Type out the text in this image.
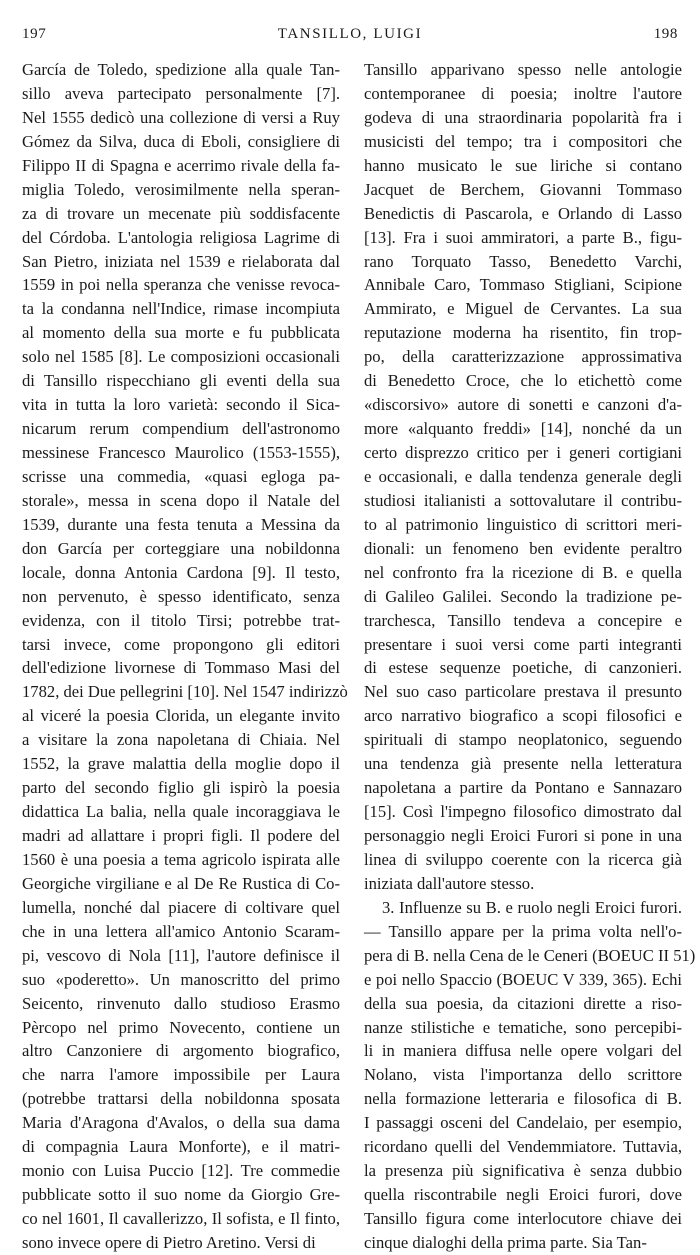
197	TANSILLO, LUIGI	198
García de Toledo, spedizione alla quale Tan-
sillo aveva partecipato personalmente [7].
Nel 1555 dedicò una collezione di versi a Ruy
Gómez da Silva, duca di Eboli, consigliere di
Filippo II di Spagna e acerrimo rivale della fa-
miglia Toledo, verosimilmente nella speran-
za di trovare un mecenate più soddisfacente
del Córdoba. L'antologia religiosa Lagrime di
San Pietro, iniziata nel 1539 e rielaborata dal
1559 in poi nella speranza che venisse revoca-
ta la condanna nell'Indice, rimase incompiuta
al momento della sua morte e fu pubblicata
solo nel 1585 [8]. Le composizioni occasionali
di Tansillo rispecchiano gli eventi della sua
vita in tutta la loro varietà: secondo il Sica-
nicarum rerum compendium dell'astronomo
messinese Francesco Maurolico (1553-1555),
scrisse una commedia, «quasi egloga pa-
storale», messa in scena dopo il Natale del
1539, durante una festa tenuta a Messina da
don García per corteggiare una nobildonna
locale, donna Antonia Cardona [9]. Il testo,
non pervenuto, è spesso identificato, senza
evidenza, con il titolo Tirsi; potrebbe trat-
tarsi invece, come propongono gli editori
dell'edizione livornese di Tommaso Masi del
1782, dei Due pellegrini [10]. Nel 1547 indirizzò
al viceré la poesia Clorida, un elegante invito
a visitare la zona napoletana di Chiaia. Nel
1552, la grave malattia della moglie dopo il
parto del secondo figlio gli ispirò la poesia
didattica La balia, nella quale incoraggiava le
madri ad allattare i propri figli. Il podere del
1560 è una poesia a tema agricolo ispirata alle
Georgiche virgiliane e al De Re Rustica di Co-
lumella, nonché dal piacere di coltivare quel
che in una lettera all'amico Antonio Scaram-
pi, vescovo di Nola [11], l'autore definisce il
suo «poderetto». Un manoscritto del primo
Seicento, rinvenuto dallo studioso Erasmo
Pèrcopo nel primo Novecento, contiene un
altro Canzoniere di argomento biografico,
che narra l'amore impossibile per Laura
(potrebbe trattarsi della nobildonna sposata
Maria d'Aragona d'Avalos, o della sua dama
di compagnia Laura Monforte), e il matri-
monio con Luisa Puccio [12]. Tre commedie
pubblicate sotto il suo nome da Giorgio Gre-
co nel 1601, Il cavallerizzo, Il sofista, e Il finto,
sono invece opere di Pietro Aretino. Versi di
Tansillo apparivano spesso nelle antologie
contemporanee di poesia; inoltre l'autore
godeva di una straordinaria popolarità fra i
musicisti del tempo; tra i compositori che
hanno musicato le sue liriche si contano
Jacquet de Berchem, Giovanni Tommaso
Benedictis di Pascarola, e Orlando di Lasso
[13]. Fra i suoi ammiratori, a parte B., figu-
rano Torquato Tasso, Benedetto Varchi,
Annibale Caro, Tommaso Stigliani, Scipione
Ammirato, e Miguel de Cervantes. La sua
reputazione moderna ha risentito, fin trop-
po, della caratterizzazione approssimativa
di Benedetto Croce, che lo etichettò come
«discorsivo» autore di sonetti e canzoni d'a-
more «alquanto freddi» [14], nonché da un
certo disprezzo critico per i generi cortigiani
e occasionali, e dalla tendenza generale degli
studiosi italianisti a sottovalutare il contribu-
to al patrimonio linguistico di scrittori meri-
dionali: un fenomeno ben evidente peraltro
nel confronto fra la ricezione di B. e quella
di Galileo Galilei. Secondo la tradizione pe-
trarchesca, Tansillo tendeva a concepire e
presentare i suoi versi come parti integranti
di estese sequenze poetiche, di canzonieri.
Nel suo caso particolare prestava il presunto
arco narrativo biografico a scopi filosofici e
spirituali di stampo neoplatonico, seguendo
una tendenza già presente nella letteratura
napoletana a partire da Pontano e Sannazaro
[15]. Così l'impegno filosofico dimostrato dal
personaggio negli Eroici Furori si pone in una
linea di sviluppo coerente con la ricerca già
iniziata dall'autore stesso.
3. Influenze su B. e ruolo negli Eroici furori.
— Tansillo appare per la prima volta nell'o-
pera di B. nella Cena de le Ceneri (BOEUC II 51)
e poi nello Spaccio (BOEUC V 339, 365). Echi
della sua poesia, da citazioni dirette a riso-
nanze stilistiche e tematiche, sono percepibi-
li in maniera diffusa nelle opere volgari del
Nolano, vista l'importanza dello scrittore
nella formazione letteraria e filosofica di B.
I passaggi osceni del Candelaio, per esempio,
ricordano quelli del Vendemmiatore. Tuttavia,
la presenza più significativa è senza dubbio
quella riscontrabile negli Eroici furori, dove
Tansillo figura come interlocutore chiave dei
cinque dialoghi della prima parte. Sia Tan-
